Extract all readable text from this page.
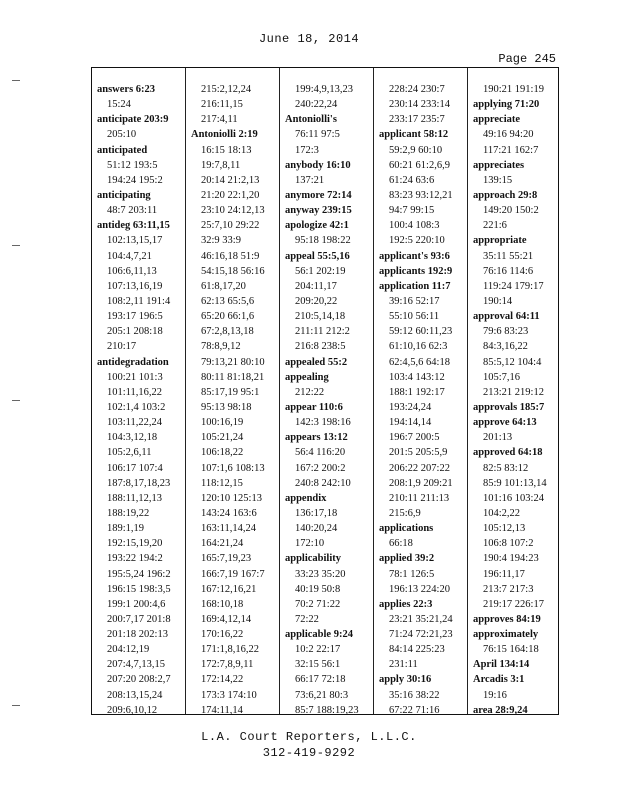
June 18, 2014
Page 245
answers 6:23
15:24
anticipate 203:9
205:10
anticipated
51:12 193:5
194:24 195:2
anticipating
48:7 203:11
antideg 63:11,15
102:13,15,17
104:4,7,21
106:6,11,13
107:13,16,19
108:2,11 191:4
193:17 196:5
205:1 208:18
210:17
antidegradation
100:21 101:3
101:11,16,22
102:1,4 103:2
103:11,22,24
104:3,12,18
105:2,6,11
106:17 107:4
187:8,17,18,23
188:11,12,13
188:19,22
189:1,19
192:15,19,20
193:22 194:2
195:5,24 196:2
196:15 198:3,5
199:1 200:4,6
200:7,17 201:8
201:18 202:13
204:12,19
207:4,7,13,15
207:20 208:2,7
208:13,15,24
209:6,10,12
215:2,12,24
216:11,15
217:4,11
Antoniolli 2:19
16:15 18:13
19:7,8,11
20:14 21:2,13
21:20 22:1,20
23:10 24:12,13
25:7,10 29:22
32:9 33:9
46:16,18 51:9
54:15,18 56:16
61:8,17,20
62:13 65:5,6
65:20 66:1,6
67:2,8,13,18
78:8,9,12
79:13,21 80:10
80:11 81:18,21
85:17,19 95:1
95:13 98:18
100:16,19
105:21,24
106:18,22
107:1,6 108:13
118:12,15
120:10 125:13
143:24 163:6
163:11,14,24
164:21,24
165:7,19,23
166:7,19 167:7
167:12,16,21
168:10,18
169:4,12,14
170:16,22
171:1,8,16,22
172:7,8,9,11
172:14,22
173:3 174:10
174:11,14
199:4,9,13,23
240:22,24
Antoniolli's
76:11 97:5
172:3
anybody 16:10
137:21
anymore 72:14
anyway 239:15
apologize 42:1
95:18 198:22
appeal 55:5,16
56:1 202:19
204:11,17
209:20,22
210:5,14,18
211:11 212:2
216:8 238:5
appealed 55:2
appealing
212:22
appear 110:6
142:3 198:16
appears 13:12
56:4 116:20
167:2 200:2
240:8 242:10
appendix
136:17,18
140:20,24
172:10
applicability
33:23 35:20
40:19 50:8
70:2 71:22
72:22
applicable 9:24
10:2 22:17
32:15 56:1
66:17 72:18
73:6,21 80:3
85:7 188:19,23
228:24 230:7
230:14 233:14
233:17 235:7
applicant 58:12
59:2,9 60:10
60:21 61:2,6,9
61:24 63:6
83:23 93:12,21
94:7 99:15
100:4 108:3
192:5 220:10
applicant's 93:6
applicants 192:9
application 11:7
39:16 52:17
55:10 56:11
59:12 60:11,23
61:10,16 62:3
62:4,5,6 64:18
103:4 143:12
188:1 192:17
193:24,24
194:14,14
196:7 200:5
201:5 205:5,9
206:22 207:22
208:1,9 209:21
210:11 211:13
215:6,9
applications
66:18
applied 39:2
78:1 126:5
196:13 224:20
applies 22:3
23:21 35:21,24
71:24 72:21,23
84:14 225:23
231:11
apply 30:16
35:16 38:22
67:22 71:16
190:21 191:19
applying 71:20
appreciate
49:16 94:20
117:21 162:7
appreciates
139:15
approach 29:8
149:20 150:2
221:6
appropriate
35:11 55:21
76:16 114:6
119:24 179:17
190:14
approval 64:11
79:6 83:23
84:3,16,22
85:5,12 104:4
105:7,16
213:21 219:12
approvals 185:7
approve 64:13
201:13
approved 64:18
82:5 83:12
85:9 101:13,14
101:16 103:24
104:2,22
105:12,13
106:8 107:2
190:4 194:23
196:11,17
213:7 217:3
219:17 226:17
approves 84:19
approximately
76:15 164:18
April 134:14
Arcadis 3:1
19:16
area 28:9,24
L.A. Court Reporters, L.L.C.
312-419-9292
